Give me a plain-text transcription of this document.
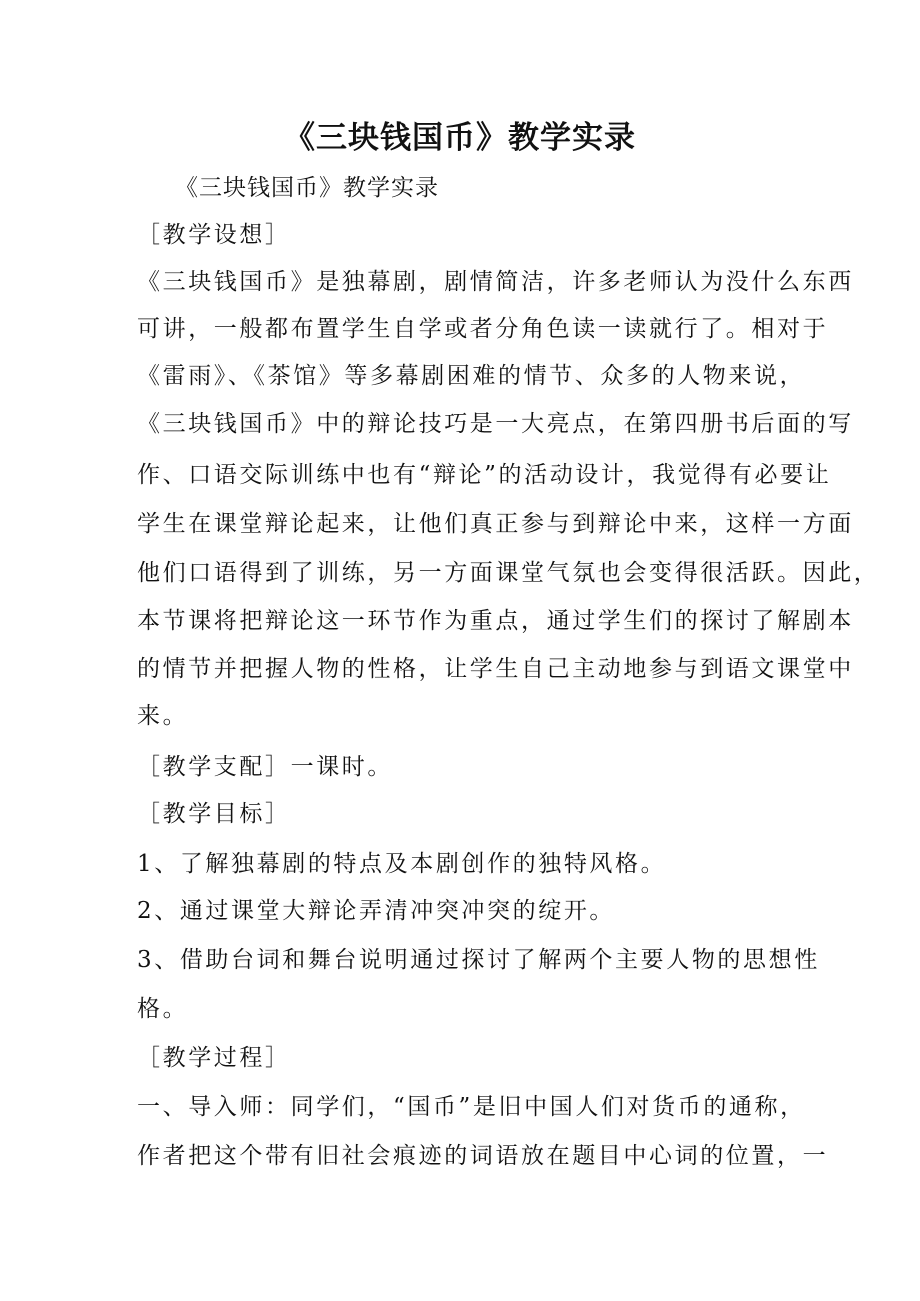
《三块钱国币》教学实录
《三块钱国币》教学实录
［教学设想］
《三块钱国币》是独幕剧，剧情简洁，许多老师认为没什么东西
可讲，一般都布置学生自学或者分角色读一读就行了。相对于
《雷雨》、《茶馆》等多幕剧困难的情节、众多的人物来说，
《三块钱国币》中的辩论技巧是一大亮点，在第四册书后面的写
作、口语交际训练中也有“辩论”的活动设计，我觉得有必要让
学生在课堂辩论起来，让他们真正参与到辩论中来，这样一方面
他们口语得到了训练，另一方面课堂气氛也会变得很活跃。因此，
本节课将把辩论这一环节作为重点，通过学生们的探讨了解剧本
的情节并把握人物的性格，让学生自己主动地参与到语文课堂中
来。
［教学支配］一课时。
［教学目标］
1、了解独幕剧的特点及本剧创作的独特风格。
2、通过课堂大辩论弄清冲突冲突的绽开。
3、借助台词和舞台说明通过探讨了解两个主要人物的思想性
格。
［教学过程］
一、导入师：同学们，“国币”是旧中国人们对货币的通称，
作者把这个带有旧社会痕迹的词语放在题目中心词的位置，一
